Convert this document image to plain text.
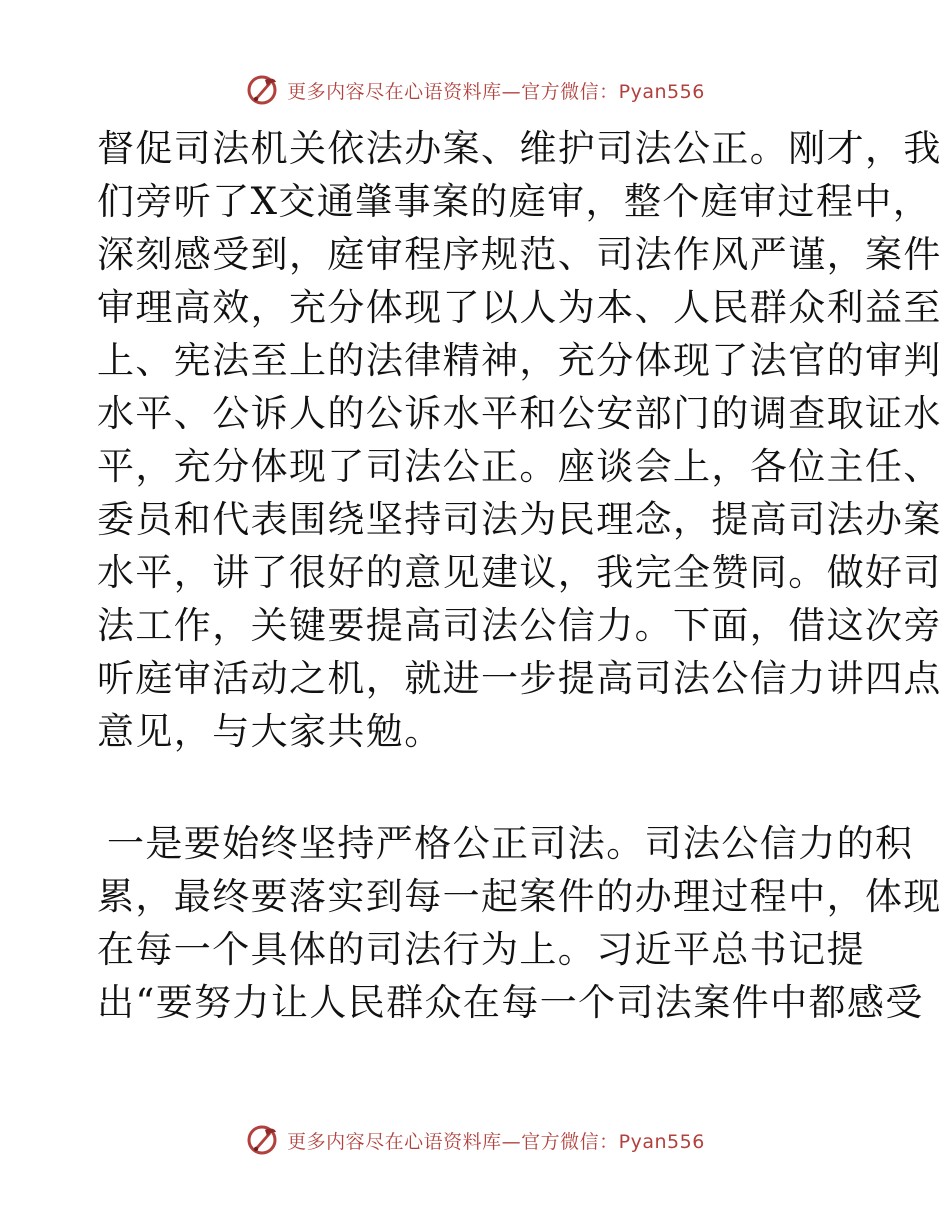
更多内容尽在心语资料库—官方微信：Pyan556
督促司法机关依法办案、维护司法公正。刚才，我
们旁听了X交通肇事案的庭审，整个庭审过程中，
深刻感受到，庭审程序规范、司法作风严谨，案件
审理高效，充分体现了以人为本、人民群众利益至
上、宪法至上的法律精神，充分体现了法官的审判
水平、公诉人的公诉水平和公安部门的调查取证水
平，充分体现了司法公正。座谈会上，各位主任、
委员和代表围绕坚持司法为民理念，提高司法办案
水平，讲了很好的意见建议，我完全赞同。做好司
法工作，关键要提高司法公信力。下面，借这次旁
听庭审活动之机，就进一步提高司法公信力讲四点
意见，与大家共勉。
一是要始终坚持严格公正司法。司法公信力的积
累，最终要落实到每一起案件的办理过程中，体现
在每一个具体的司法行为上。习近平总书记提
出“要努力让人民群众在每一个司法案件中都感受
更多内容尽在心语资料库—官方微信：Pyan556
